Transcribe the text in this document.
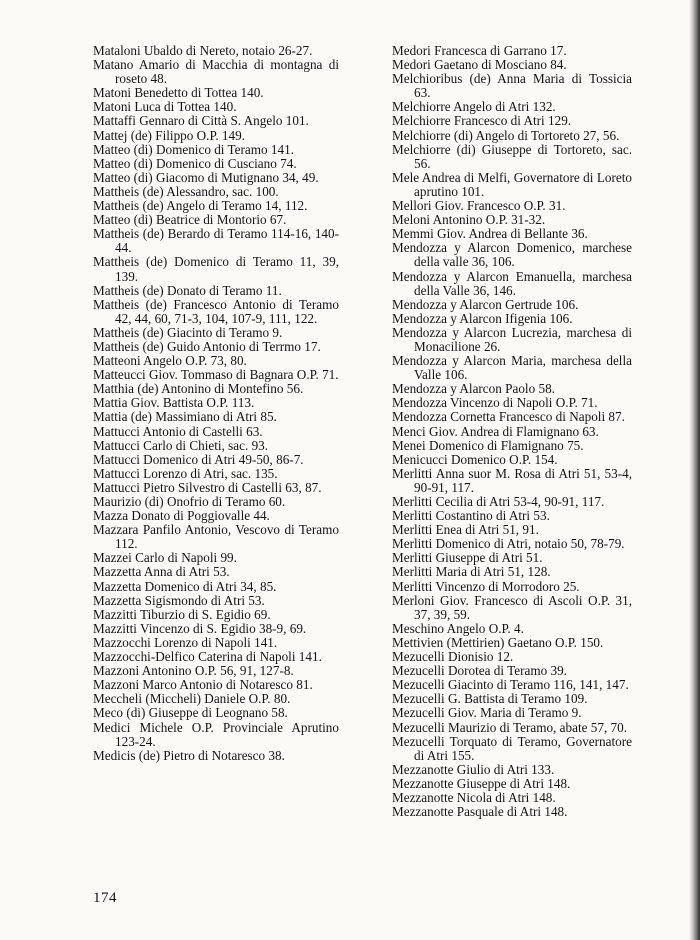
Mataloni Ubaldo di Nereto, notaio 26-27.

Matano Amario di Macchia di montagna di roseto 48.

Matoni Benedetto di Tottea 140.

Matoni Luca di Tottea 140.

Mattaffi Gennaro di Città S. Angelo 101.

Mattej (de) Filippo O.P. 149.

Matteo (di) Domenico di Teramo 141.

Matteo (di) Domenico di Cusciano 74.

Matteo (di) Giacomo di Mutignano 34, 49.

Mattheis (de) Alessandro, sac. 100.

Mattheis (de) Angelo di Teramo 14, 112.

Matteo (di) Beatrice di Montorio 67.

Mattheis (de) Berardo di Teramo 114-16, 140-44.

Mattheis (de) Domenico di Teramo 11, 39, 139.

Mattheis (de) Donato di Teramo 11.

Mattheis (de) Francesco Antonio di Teramo 42, 44, 60, 71-3, 104, 107-9, 111, 122.

Mattheis (de) Giacinto di Teramo 9.

Mattheis (de) Guido Antonio di Terrmo 17.

Matteoni Angelo O.P. 73, 80.

Matteucci Giov. Tommaso di Bagnara O.P. 71.

Matthia (de) Antonino di Montefino 56.

Mattia Giov. Battista O.P. 113.

Mattia (de) Massimiano di Atri 85.

Mattucci Antonio di Castelli 63.

Mattucci Carlo di Chieti, sac. 93.

Mattucci Domenico di Atri 49-50, 86-7.

Mattucci Lorenzo di Atri, sac. 135.

Mattucci Pietro Silvestro di Castelli 63, 87.

Maurizio (di) Onofrio di Teramo 60.

Mazza Donato di Poggiovalle 44.

Mazzara Panfilo Antonio, Vescovo di Teramo 112.

Mazzei Carlo di Napoli 99.

Mazzetta Anna di Atri 53.

Mazzetta Domenico di Atri 34, 85.

Mazzetta Sigismondo di Atri 53.

Mazzitti Tiburzio di S. Egidio 69.

Mazzitti Vincenzo di S. Egidio 38-9, 69.

Mazzocchi Lorenzo di Napoli 141.

Mazzocchi-Delfico Caterina di Napoli 141.

Mazzoni Antonino O.P. 56, 91, 127-8.

Mazzoni Marco Antonio di Notaresco 81.

Meccheli (Miccheli) Daniele O.P. 80.

Meco (di) Giuseppe di Leognano 58.

Medici Michele O.P. Provinciale Aprutino 123-24.

Medicis (de) Pietro di Notaresco 38.

Medori Francesca di Garrano 17.

Medori Gaetano di Mosciano 84.

Melchioribus (de) Anna Maria di Tossicia 63.

Melchiorre Angelo di Atri 132.

Melchiorre Francesco di Atri 129.

Melchiorre (di) Angelo di Tortoreto 27, 56.

Melchiorre (di) Giuseppe di Tortoreto, sac. 56.

Mele Andrea di Melfi, Governatore di Loreto aprutino 101.

Mellori Giov. Francesco O.P. 31.

Meloni Antonino O.P. 31-32.

Memmi Giov. Andrea di Bellante 36.

Mendozza y Alarcon Domenico, marchese della valle 36, 106.

Mendozza y Alarcon Emanuella, marchesa della Valle 36, 146.

Mendozza y Alarcon Gertrude 106.

Mendozza y Alarcon Ifigenia 106.

Mendozza y Alarcon Lucrezia, marchesa di Monacilione 26.

Mendozza y Alarcon Maria, marchesa della Valle 106.

Mendozza y Alarcon Paolo 58.

Mendozza Vincenzo di Napoli O.P. 71.

Mendozza Cornetta Francesco di Napoli 87.

Menci Giov. Andrea di Flamignano 63.

Menei Domenico di Flamignano 75.

Menicucci Domenico O.P. 154.

Merlitti Anna suor M. Rosa di Atri 51, 53-4, 90-91, 117.

Merlitti Cecilia di Atri 53-4, 90-91, 117.

Merlitti Costantino di Atri 53.

Merlitti Enea di Atri 51, 91.

Merlitti Domenico di Atri, notaio 50, 78-79.

Merlitti Giuseppe di Atri 51.

Merlitti Maria di Atri 51, 128.

Merlitti Vincenzo di Morrodoro 25.

Merloni Giov. Francesco di Ascoli O.P. 31, 37, 39, 59.

Meschino Angelo O.P. 4.

Mettivien (Mettirien) Gaetano O.P. 150.

Mezucelli Dionisio 12.

Mezucelli Dorotea di Teramo 39.

Mezucelli Giacinto di Teramo 116, 141, 147.

Mezucelli G. Battista di Teramo 109.

Mezucelli Giov. Maria di Teramo 9.

Mezucelli Maurizio di Teramo, abate 57, 70.

Mezucelli Torquato di Teramo, Governatore di Atri 155.

Mezzanotte Giulio di Atri 133.

Mezzanotte Giuseppe di Atri 148.

Mezzanotte Nicola di Atri 148.

Mezzanotte Pasquale di Atri 148.

174
